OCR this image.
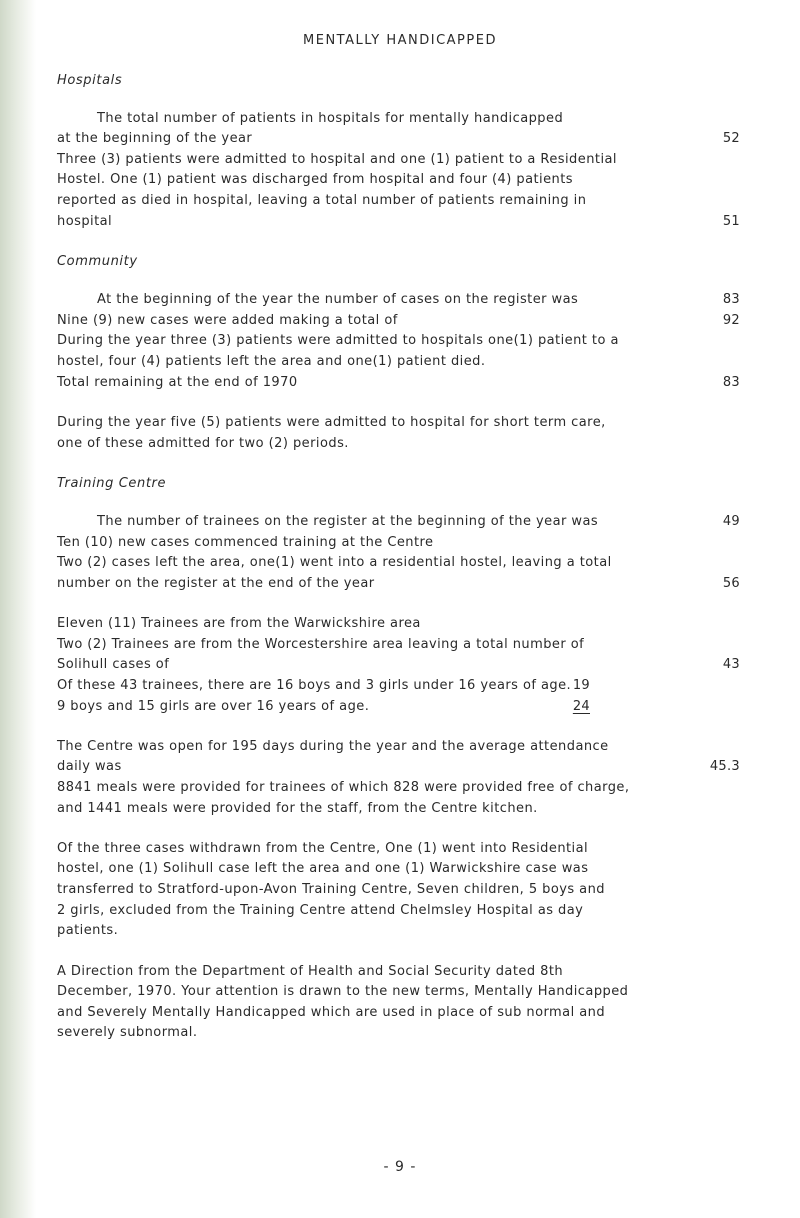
MENTALLY HANDICAPPED
Hospitals
The total number of patients in hospitals for mentally handicapped
at the beginning of the year	52
Three (3) patients were admitted to hospital and one (1) patient to a Residential
Hostel. One (1) patient was discharged from hospital and four (4) patients
reported as died in hospital, leaving a total number of patients remaining in
hospital	51
Community
At the beginning of the year the number of cases on the register was	83
Nine (9) new cases were added making a total of	92
During the year three (3) patients were admitted to hospitals one(1) patient to a
hostel, four (4) patients left the area and one(1) patient died.
Total remaining at the end of 1970	83
During the year five (5) patients were admitted to hospital for short term care,
one of these admitted for two (2) periods.
Training Centre
The number of trainees on the register at the beginning of the year was	49
Ten (10) new cases commenced training at the Centre
Two (2) cases left the area, one(1) went into a residential hostel, leaving a total
number on the register at the end of the year	56
Eleven (11) Trainees are from the Warwickshire area
Two (2) Trainees are from the Worcestershire area leaving a total number of
Solihull cases of	43
Of these 43 trainees, there are 16 boys and 3 girls under 16 years of age. 19
9 boys and 15 girls are over 16 years of age.	24
The Centre was open for 195 days during the year and the average attendance
daily was	45.3
8841 meals were provided for trainees of which 828 were provided free of charge,
and 1441 meals were provided for the staff, from the Centre kitchen.
Of the three cases withdrawn from the Centre, One (1) went into Residential
hostel, one (1) Solihull case left the area and one (1) Warwickshire case was
transferred to Stratford-upon-Avon Training Centre, Seven children, 5 boys and
2 girls, excluded from the Training Centre attend Chelmsley Hospital as day
patients.
A Direction from the Department of Health and Social Security dated 8th
December, 1970. Your attention is drawn to the new terms, Mentally Handicapped
and Severely Mentally Handicapped which are used in place of sub normal and
severely subnormal.
- 9 -
